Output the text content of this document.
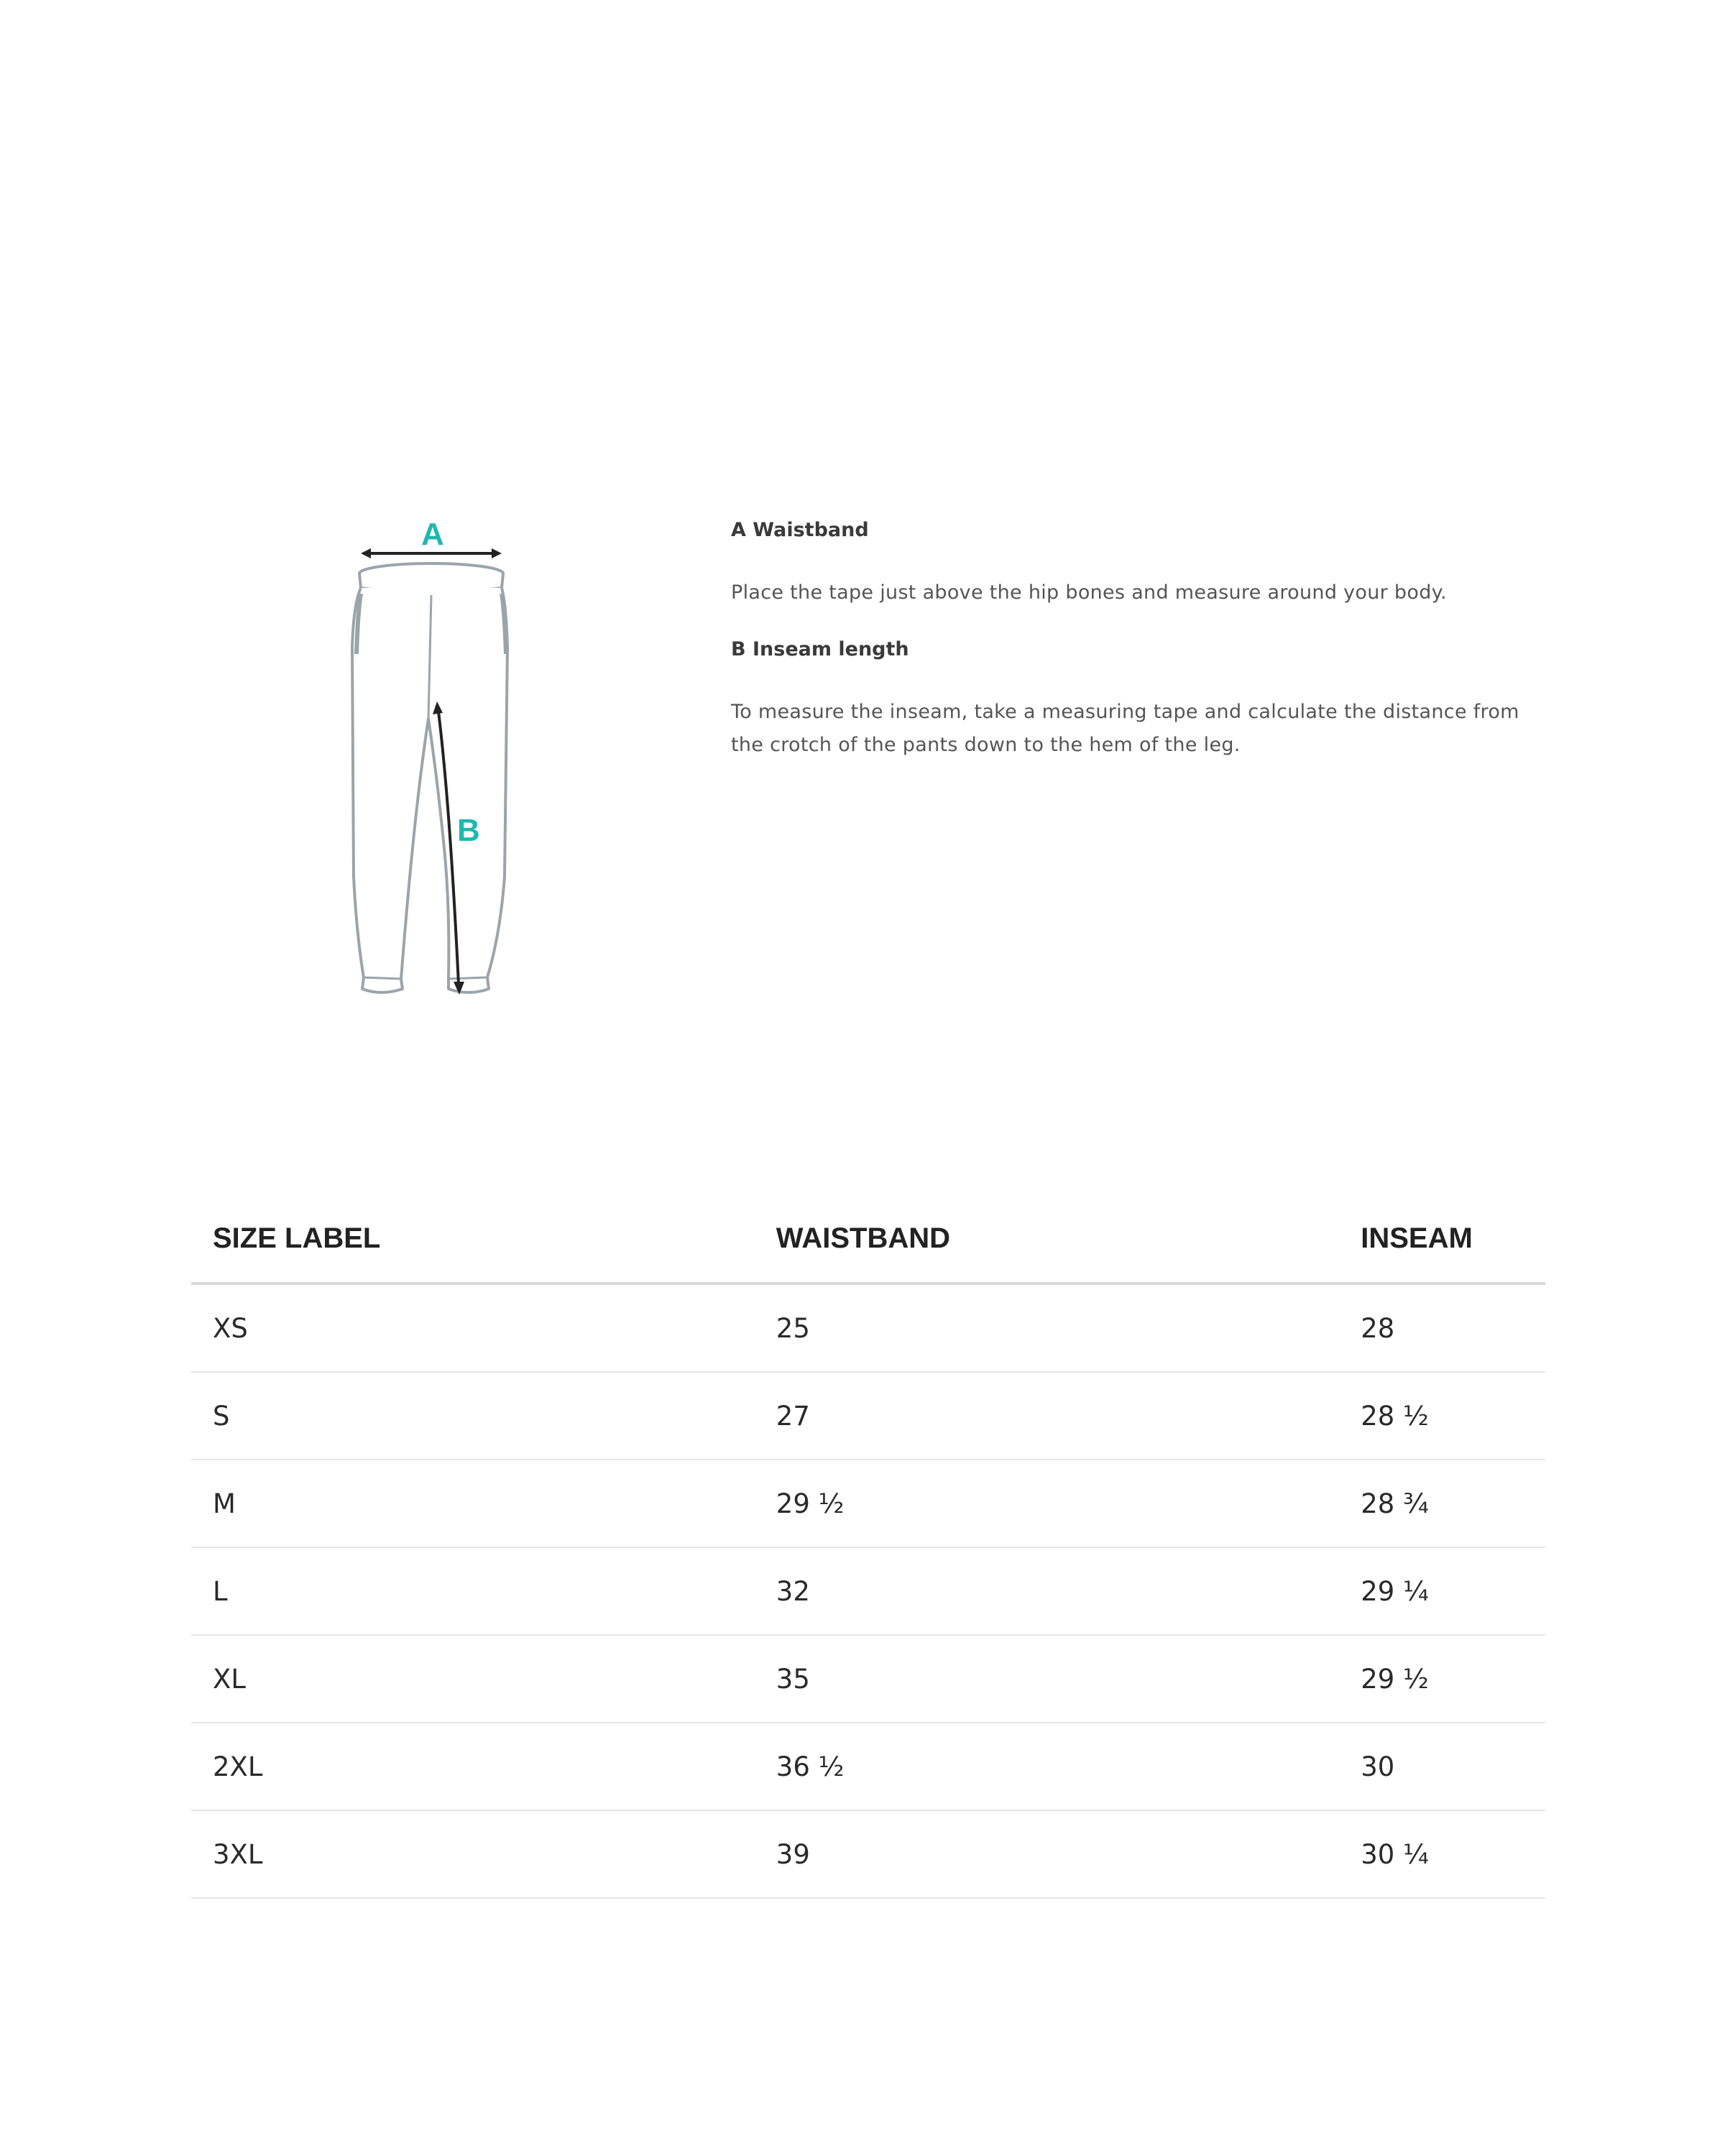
A
B
A Waistband
Place the tape just above the hip bones and measure around your body.
B Inseam length
To measure the inseam, take a measuring tape and calculate the distance from the crotch of the pants down to the hem of the leg.
SIZE LABEL	WAISTBAND	INSEAM
XS	25	28
S	27	28 ½
M	29 ½	28 ¾
L	32	29 ¼
XL	35	29 ½
2XL	36 ½	30
3XL	39	30 ¼
